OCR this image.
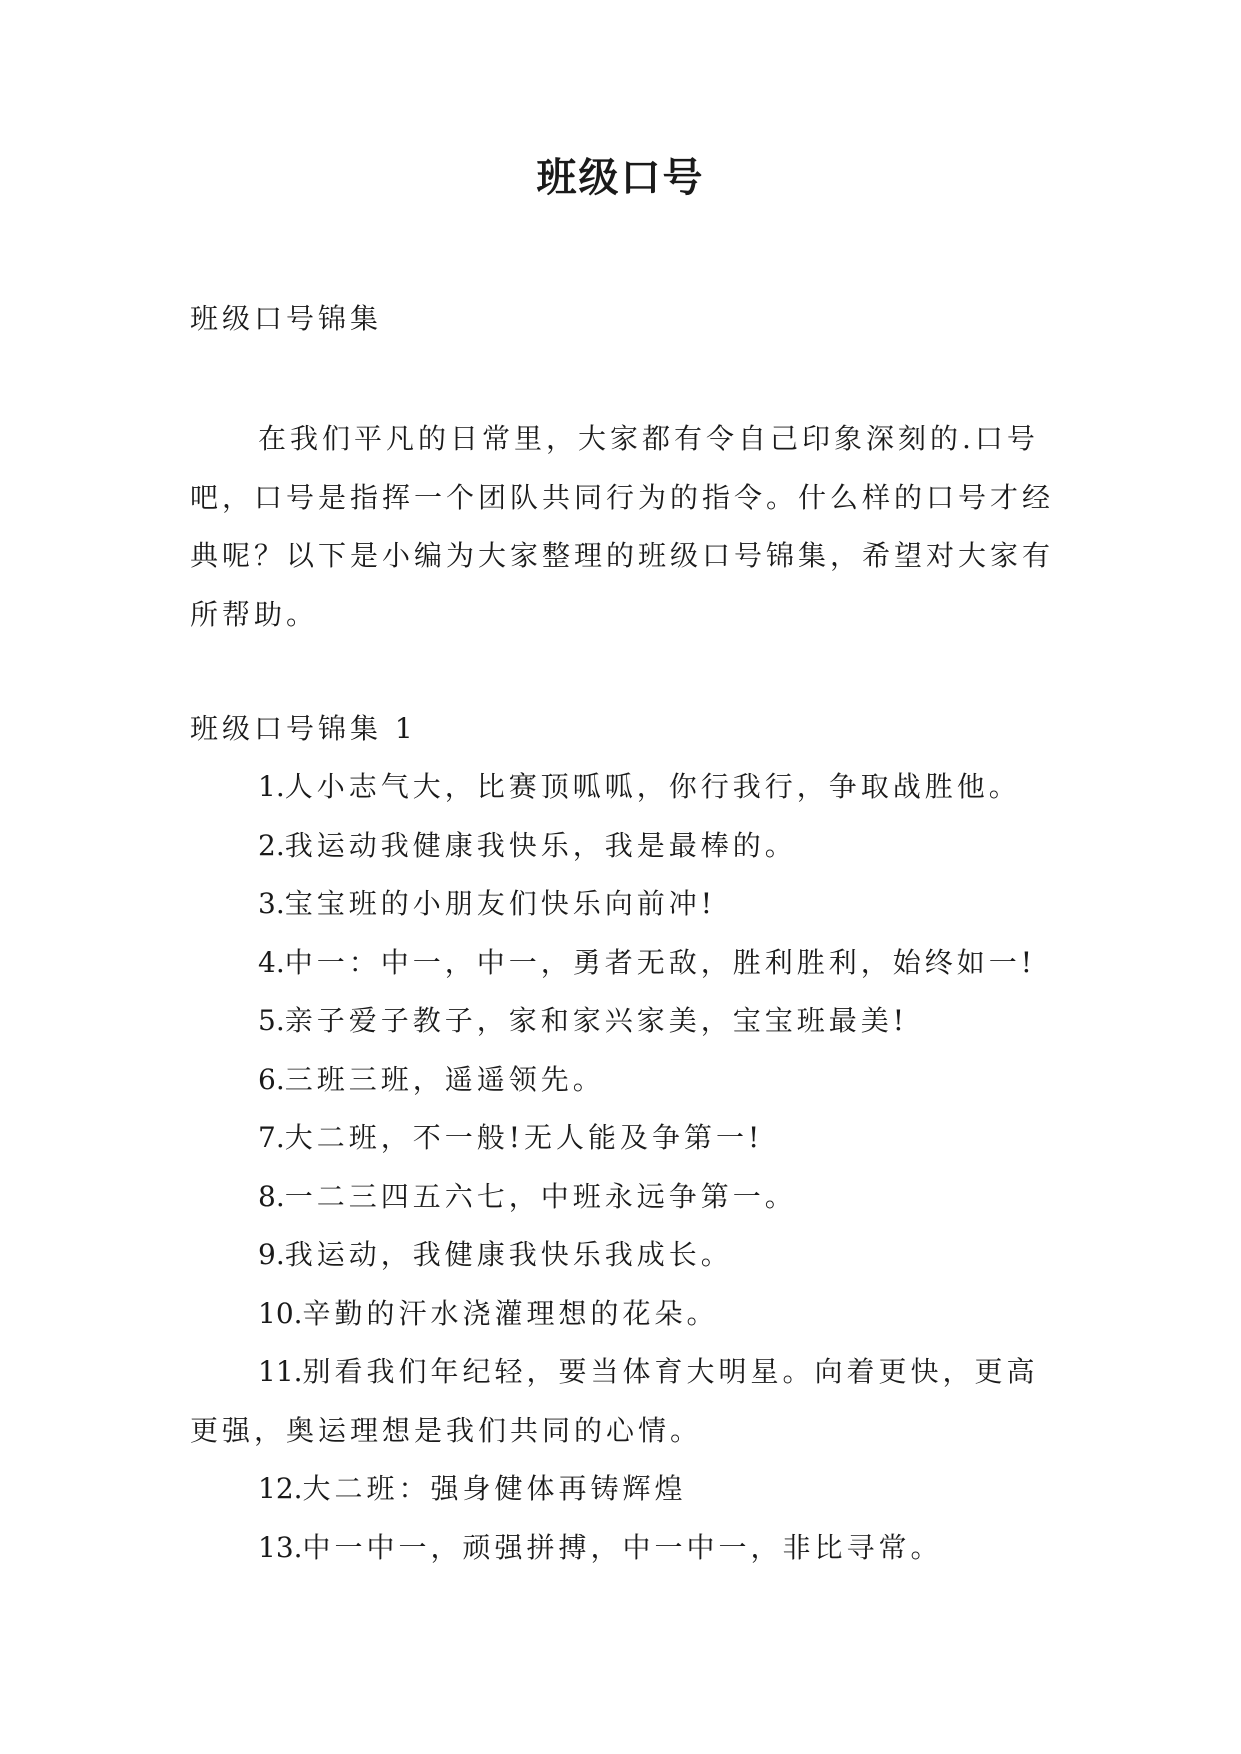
班级口号

班级口号锦集

在我们平凡的日常里，大家都有令自己印象深刻的.口号吧，口号是指挥一个团队共同行为的指令。什么样的口号才经典呢？以下是小编为大家整理的班级口号锦集，希望对大家有所帮助。

班级口号锦集 1

1.人小志气大，比赛顶呱呱，你行我行，争取战胜他。

2.我运动我健康我快乐，我是最棒的。

3.宝宝班的小朋友们快乐向前冲!

4.中一：中一，中一，勇者无敌，胜利胜利，始终如一!

5.亲子爱子教子，家和家兴家美，宝宝班最美!

6.三班三班，遥遥领先。

7.大二班，不一般!无人能及争第一!

8.一二三四五六七，中班永远争第一。

9.我运动，我健康我快乐我成长。

10.辛勤的汗水浇灌理想的花朵。

11.别看我们年纪轻，要当体育大明星。向着更快，更高更强，奥运理想是我们共同的心情。

12.大二班：强身健体再铸辉煌

13.中一中一，顽强拼搏，中一中一，非比寻常。
